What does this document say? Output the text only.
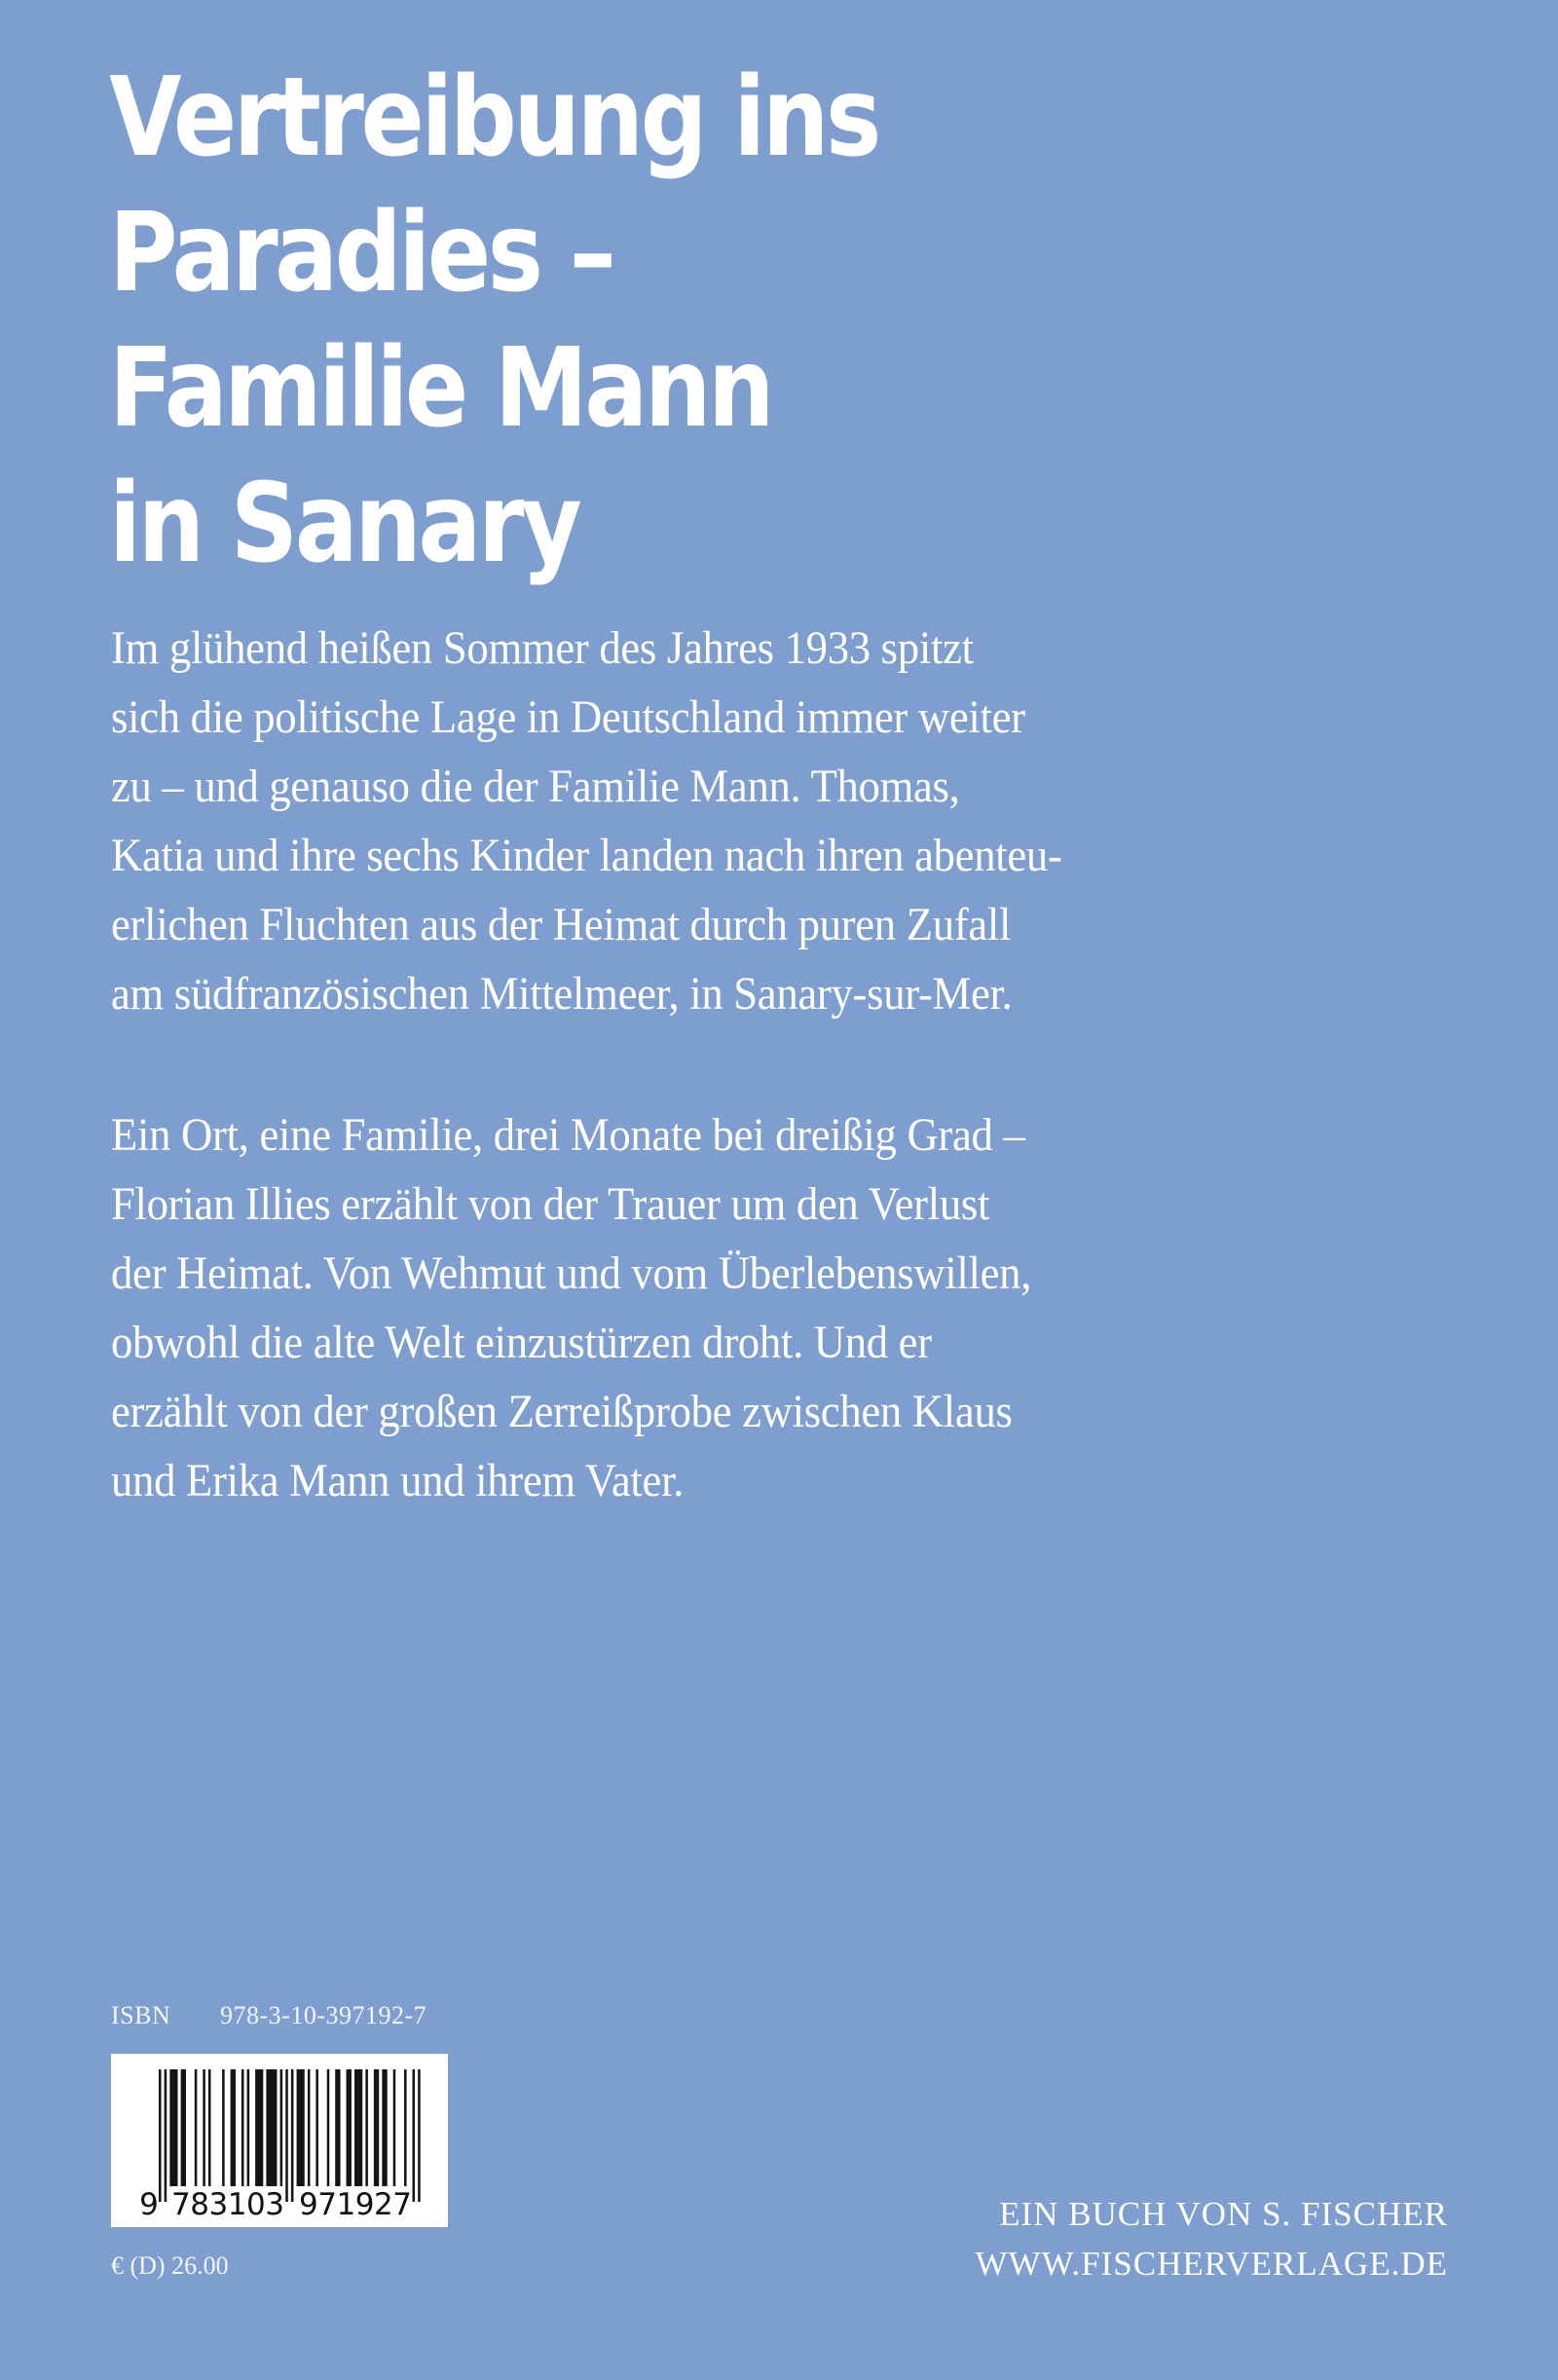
Vertreibung ins
Paradies –
Familie Mann
in Sanary

Im glühend heißen Sommer des Jahres 1933 spitzt
sich die politische Lage in Deutschland immer weiter
zu – und genauso die der Familie Mann. Thomas,
Katia und ihre sechs Kinder landen nach ihren abenteu-
erlichen Fluchten aus der Heimat durch puren Zufall
am südfranzösischen Mittelmeer, in Sanary-sur-Mer.

Ein Ort, eine Familie, drei Monate bei dreißig Grad –
Florian Illies erzählt von der Trauer um den Verlust
der Heimat. Von Wehmut und vom Überlebenswillen,
obwohl die alte Welt einzustürzen droht. Und er
erzählt von der großen Zerreißprobe zwischen Klaus
und Erika Mann und ihrem Vater.

ISBN 978-3-10-397192-7
9 783103 971927
€ (D) 26.00
EIN BUCH VON S. FISCHER
WWW.FISCHERVERLAGE.DE
